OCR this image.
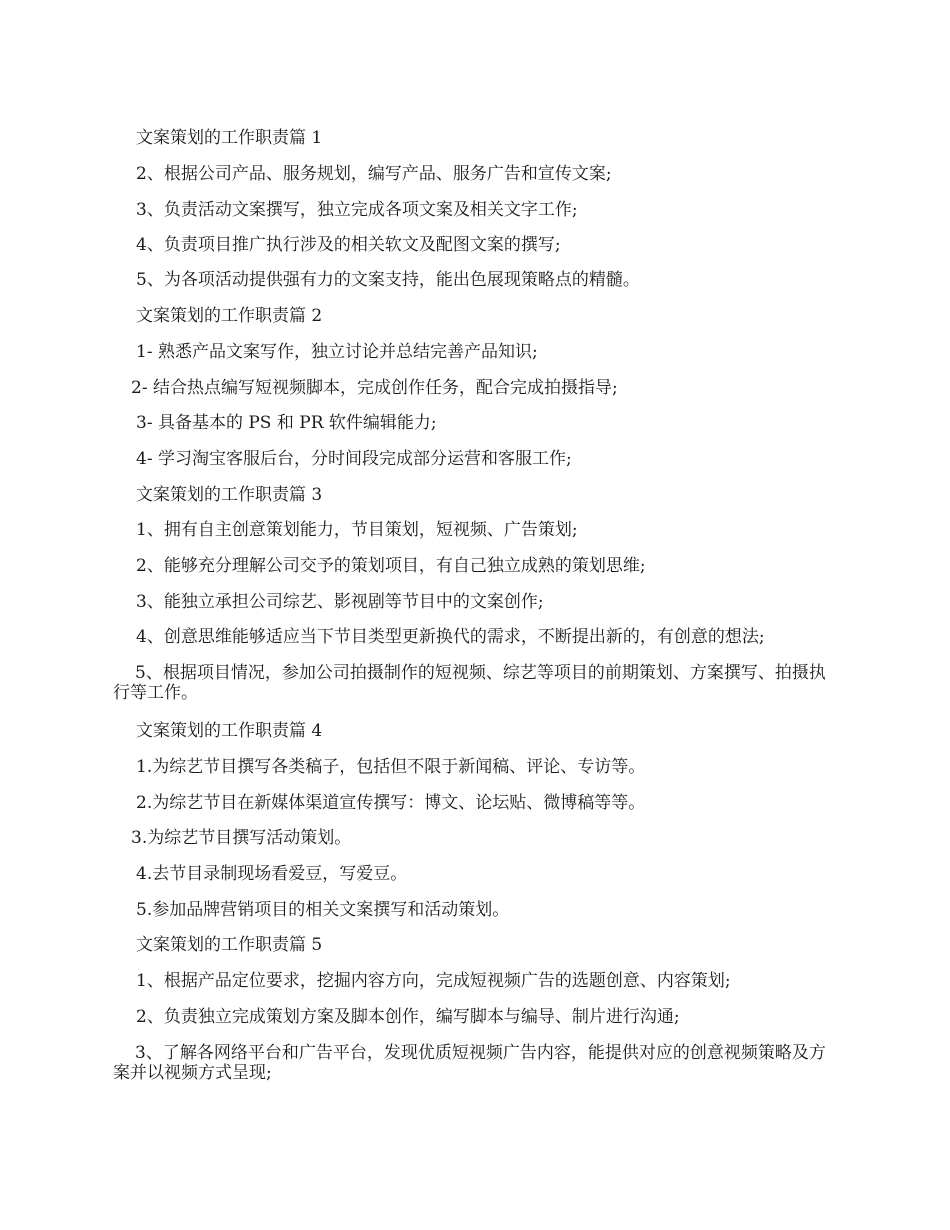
文案策划的工作职责篇 1

2、根据公司产品、服务规划，编写产品、服务广告和宣传文案;

3、负责活动文案撰写，独立完成各项文案及相关文字工作;

4、负责项目推广执行涉及的相关软文及配图文案的撰写;

5、为各项活动提供强有力的文案支持，能出色展现策略点的精髓。

文案策划的工作职责篇 2

1- 熟悉产品文案写作，独立讨论并总结完善产品知识;

2- 结合热点编写短视频脚本，完成创作任务，配合完成拍摄指导;

3- 具备基本的 PS 和 PR 软件编辑能力;

4- 学习淘宝客服后台，分时间段完成部分运营和客服工作;

文案策划的工作职责篇 3

1、拥有自主创意策划能力，节目策划，短视频、广告策划;

2、能够充分理解公司交予的策划项目，有自己独立成熟的策划思维;

3、能独立承担公司综艺、影视剧等节目中的文案创作;

4、创意思维能够适应当下节目类型更新换代的需求，不断提出新的，有创意的想法;

5、根据项目情况，参加公司拍摄制作的短视频、综艺等项目的前期策划、方案撰写、拍摄执行等工作。

文案策划的工作职责篇 4

1.为综艺节目撰写各类稿子，包括但不限于新闻稿、评论、专访等。

2.为综艺节目在新媒体渠道宣传撰写：博文、论坛贴、微博稿等等。

3.为综艺节目撰写活动策划。

4.去节目录制现场看爱豆，写爱豆。

5.参加品牌营销项目的相关文案撰写和活动策划。

文案策划的工作职责篇 5

1、根据产品定位要求，挖掘内容方向，完成短视频广告的选题创意、内容策划;

2、负责独立完成策划方案及脚本创作，编写脚本与编导、制片进行沟通;

3、了解各网络平台和广告平台，发现优质短视频广告内容，能提供对应的创意视频策略及方案并以视频方式呈现;
